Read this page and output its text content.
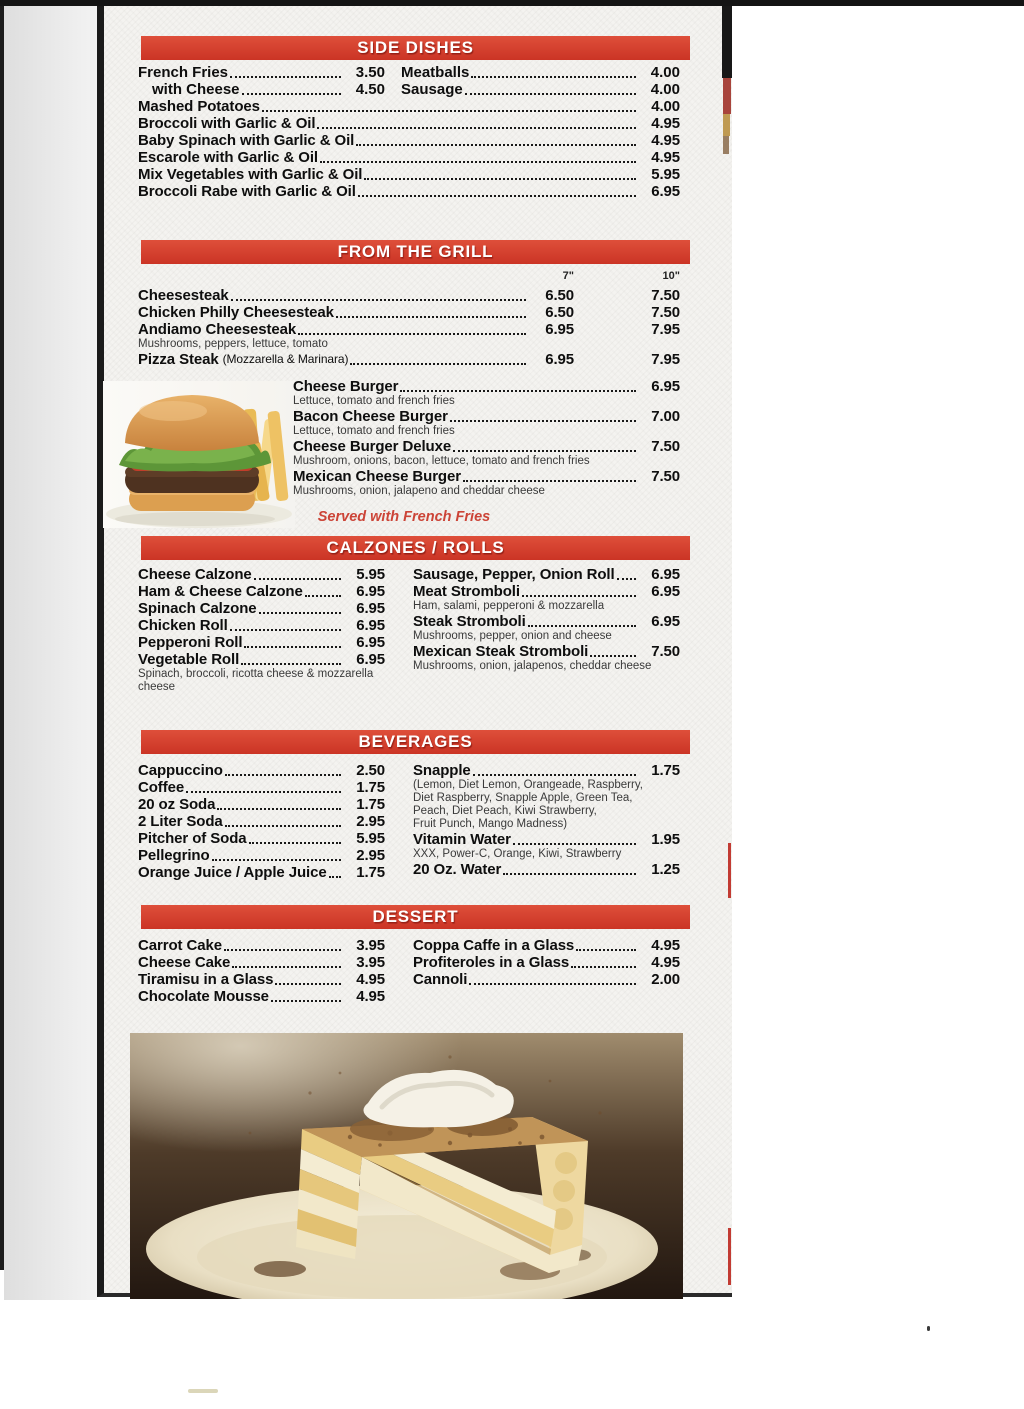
SIDE DISHES
French Fries	3.50 Meatballs	4.00
with Cheese	4.50 Sausage	4.00
Mashed Potatoes	4.00
Broccoli with Garlic & Oil	4.95
Baby Spinach with Garlic & Oil	4.95
Escarole with Garlic & Oil	4.95
Mix Vegetables with Garlic & Oil	5.95
Broccoli Rabe with Garlic & Oil	6.95
FROM THE GRILL
7"	10"
Cheesesteak	6.50	7.50
Chicken Philly Cheesesteak	6.50	7.50
Andiamo Cheesesteak	6.95	7.95
Mushrooms, peppers, lettuce, tomato
Pizza Steak (Mozzarella & Marinara)	6.95	7.95
Cheese Burger	6.95
Lettuce, tomato and french fries
Bacon Cheese Burger	7.00
Lettuce, tomato and french fries
Cheese Burger Deluxe	7.50
Mushroom, onions, bacon, lettuce, tomato and french fries
Mexican Cheese Burger	7.50
Mushrooms, onion, jalapeno and cheddar cheese
Served with French Fries
CALZONES / ROLLS
Cheese Calzone	5.95
Ham & Cheese Calzone	6.95
Spinach Calzone	6.95
Chicken Roll	6.95
Pepperoni Roll	6.95
Vegetable Roll	6.95
Spinach, broccoli, ricotta cheese & mozzarella
cheese
Sausage, Pepper, Onion Roll	6.95
Meat Stromboli	6.95
Ham, salami, pepperoni & mozzarella
Steak Stromboli	6.95
Mushrooms, pepper, onion and cheese
Mexican Steak Stromboli	7.50
Mushrooms, onion, jalapenos, cheddar cheese
BEVERAGES
Cappuccino	2.50
Coffee	1.75
20 oz Soda	1.75
2 Liter Soda	2.95
Pitcher of Soda	5.95
Pellegrino	2.95
Orange Juice / Apple Juice	1.75
Snapple	1.75
(Lemon, Diet Lemon, Orangeade, Raspberry,
Diet Raspberry, Snapple Apple, Green Tea,
Peach, Diet Peach, Kiwi Strawberry,
Fruit Punch, Mango Madness)
Vitamin Water	1.95
XXX, Power-C, Orange, Kiwi, Strawberry
20 Oz. Water	1.25
DESSERT
Carrot Cake	3.95
Cheese Cake	3.95
Tiramisu in a Glass	4.95
Chocolate Mousse	4.95
Coppa Caffe in a Glass	4.95
Profiteroles in a Glass	4.95
Cannoli	2.00
